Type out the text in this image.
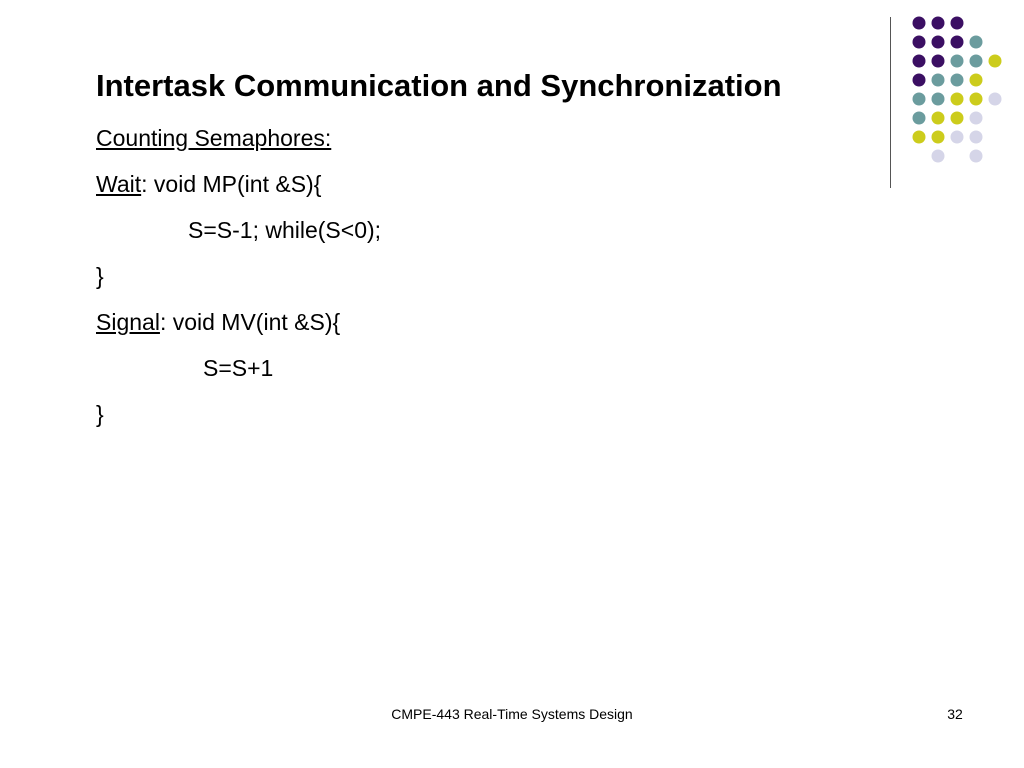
Intertask Communication and Synchronization
Counting Semaphores:
Wait: void MP(int &S){
S=S-1; while(S<0);
}
Signal: void MV(int &S){
S=S+1
}
CMPE-443 Real-Time Systems Design	32
